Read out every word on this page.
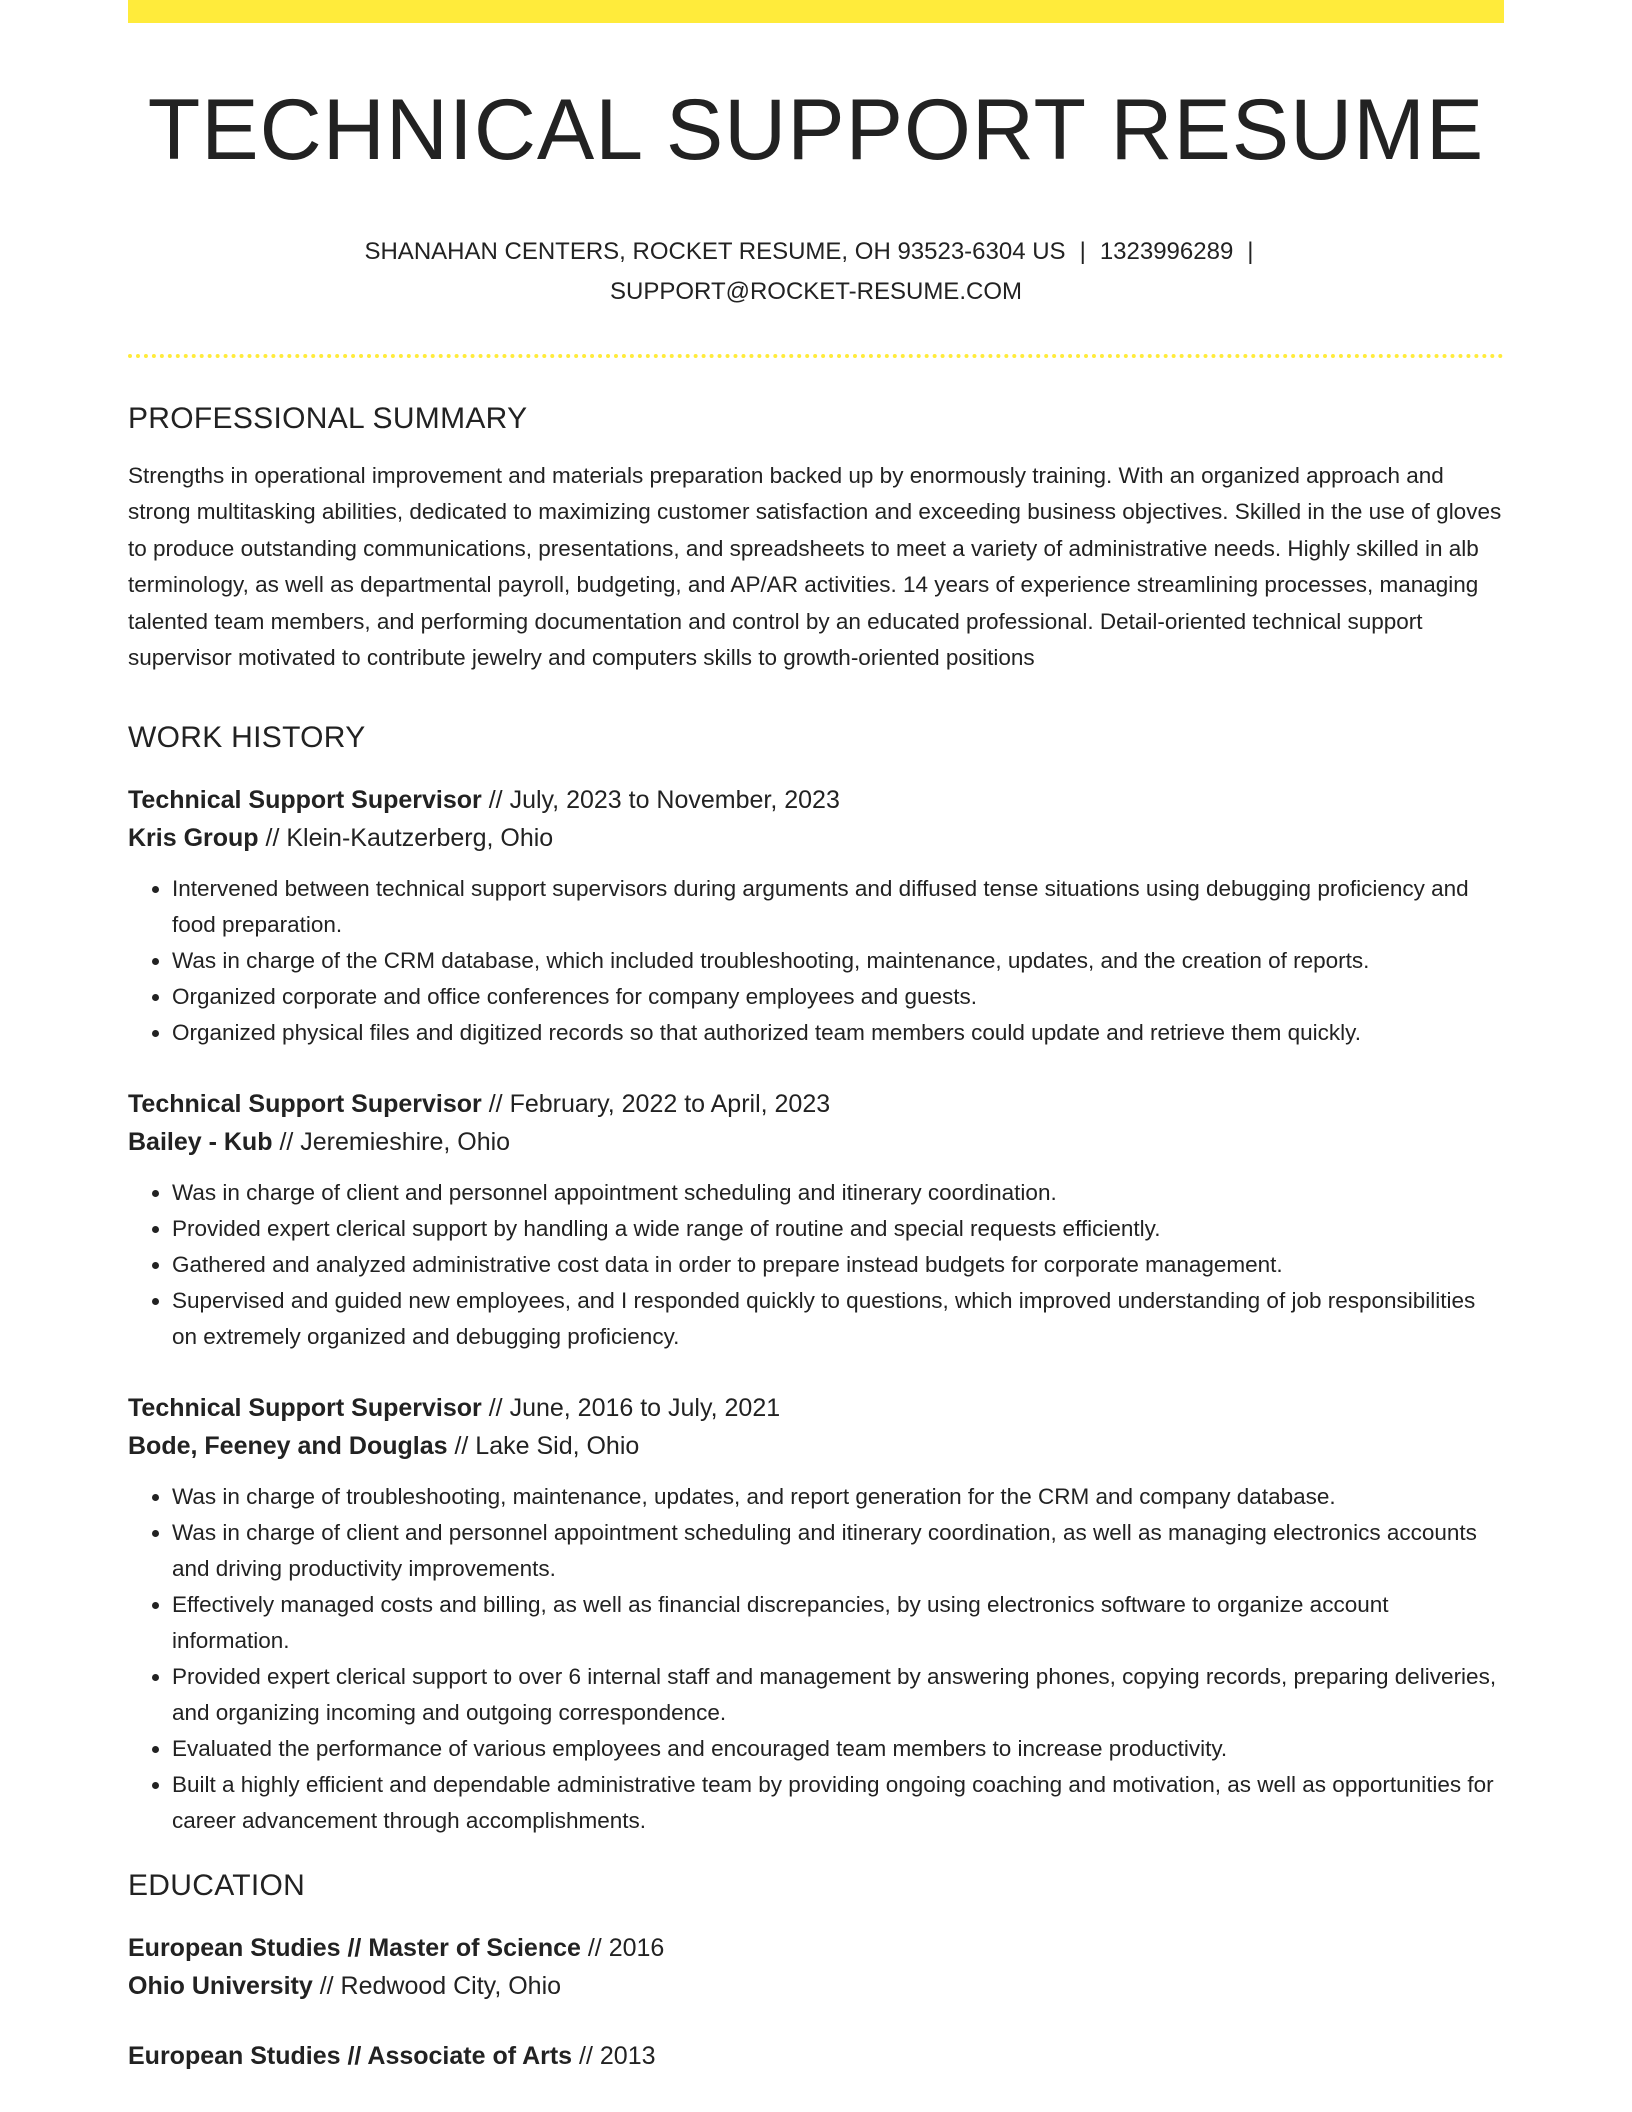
TECHNICAL SUPPORT RESUME
SHANAHAN CENTERS, ROCKET RESUME, OH 93523-6304 US | 1323996289 |
SUPPORT@ROCKET-RESUME.COM
PROFESSIONAL SUMMARY

Strengths in operational improvement and materials preparation backed up by enormously training. With an organized approach and strong multitasking abilities, dedicated to maximizing customer satisfaction and exceeding business objectives. Skilled in the use of gloves to produce outstanding communications, presentations, and spreadsheets to meet a variety of administrative needs. Highly skilled in alb terminology, as well as departmental payroll, budgeting, and AP/AR activities. 14 years of experience streamlining processes, managing talented team members, and performing documentation and control by an educated professional. Detail-oriented technical support supervisor motivated to contribute jewelry and computers skills to growth-oriented positions

WORK HISTORY
Technical Support Supervisor // July, 2023 to November, 2023
Kris Group // Klein-Kautzerberg, Ohio
• Intervened between technical support supervisors during arguments and diffused tense situations using debugging proficiency and food preparation.
• Was in charge of the CRM database, which included troubleshooting, maintenance, updates, and the creation of reports.
• Organized corporate and office conferences for company employees and guests.
• Organized physical files and digitized records so that authorized team members could update and retrieve them quickly.
Technical Support Supervisor // February, 2022 to April, 2023
Bailey - Kub // Jeremieshire, Ohio
• Was in charge of client and personnel appointment scheduling and itinerary coordination.
• Provided expert clerical support by handling a wide range of routine and special requests efficiently.
• Gathered and analyzed administrative cost data in order to prepare instead budgets for corporate management.
• Supervised and guided new employees, and I responded quickly to questions, which improved understanding of job responsibilities on extremely organized and debugging proficiency.
Technical Support Supervisor // June, 2016 to July, 2021
Bode, Feeney and Douglas // Lake Sid, Ohio
• Was in charge of troubleshooting, maintenance, updates, and report generation for the CRM and company database.
• Was in charge of client and personnel appointment scheduling and itinerary coordination, as well as managing electronics accounts and driving productivity improvements.
• Effectively managed costs and billing, as well as financial discrepancies, by using electronics software to organize account information.
• Provided expert clerical support to over 6 internal staff and management by answering phones, copying records, preparing deliveries, and organizing incoming and outgoing correspondence.
• Evaluated the performance of various employees and encouraged team members to increase productivity.
• Built a highly efficient and dependable administrative team by providing ongoing coaching and motivation, as well as opportunities for career advancement through accomplishments.
EDUCATION
European Studies // Master of Science // 2016
Ohio University // Redwood City, Ohio
European Studies // Associate of Arts // 2013
